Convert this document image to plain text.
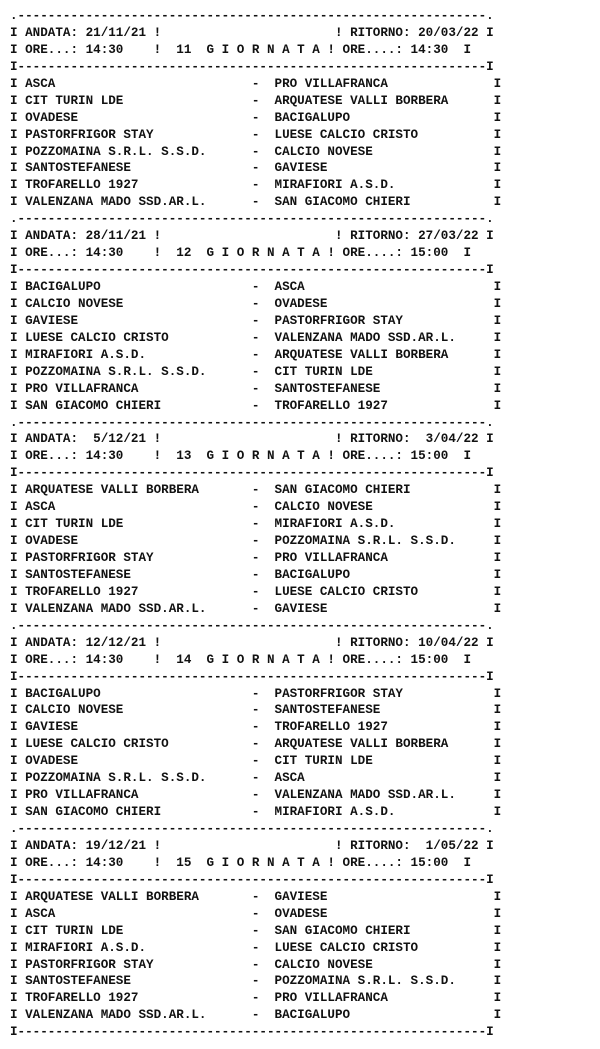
.--------------------------------------------------------------.
I ANDATA: 21/11/21 !                       ! RITORNO: 20/03/22 I
I ORE...: 14:30    !  11  G I O R N A T A ! ORE....: 14:30  I
I--------------------------------------------------------------I
I ASCA                          -  PRO VILLAFRANCA              I
I CIT TURIN LDE                 -  ARQUATESE VALLI BORBERA      I
I OVADESE                       -  BACIGALUPO                   I
I PASTORFRIGOR STAY             -  LUESE CALCIO CRISTO          I
I POZZOMAINA S.R.L. S.S.D.      -  CALCIO NOVESE                I
I SANTOSTEFANESE                -  GAVIESE                      I
I TROFARELLO 1927               -  MIRAFIORI A.S.D.             I
I VALENZANA MADO SSD.AR.L.      -  SAN GIACOMO CHIERI           I
.--------------------------------------------------------------.
I ANDATA: 28/11/21 !                       ! RITORNO: 27/03/22 I
I ORE...: 14:30    !  12  G I O R N A T A ! ORE....: 15:00  I
I--------------------------------------------------------------I
I BACIGALUPO                    -  ASCA                         I
I CALCIO NOVESE                 -  OVADESE                      I
I GAVIESE                       -  PASTORFRIGOR STAY            I
I LUESE CALCIO CRISTO           -  VALENZANA MADO SSD.AR.L.     I
I MIRAFIORI A.S.D.              -  ARQUATESE VALLI BORBERA      I
I POZZOMAINA S.R.L. S.S.D.      -  CIT TURIN LDE                I
I PRO VILLAFRANCA               -  SANTOSTEFANESE               I
I SAN GIACOMO CHIERI            -  TROFARELLO 1927              I
.--------------------------------------------------------------.
I ANDATA:  5/12/21 !                       ! RITORNO:  3/04/22 I
I ORE...: 14:30    !  13  G I O R N A T A ! ORE....: 15:00  I
I--------------------------------------------------------------I
I ARQUATESE VALLI BORBERA       -  SAN GIACOMO CHIERI           I
I ASCA                          -  CALCIO NOVESE                I
I CIT TURIN LDE                 -  MIRAFIORI A.S.D.             I
I OVADESE                       -  POZZOMAINA S.R.L. S.S.D.     I
I PASTORFRIGOR STAY             -  PRO VILLAFRANCA              I
I SANTOSTEFANESE                -  BACIGALUPO                   I
I TROFARELLO 1927               -  LUESE CALCIO CRISTO          I
I VALENZANA MADO SSD.AR.L.      -  GAVIESE                      I
.--------------------------------------------------------------.
I ANDATA: 12/12/21 !                       ! RITORNO: 10/04/22 I
I ORE...: 14:30    !  14  G I O R N A T A ! ORE....: 15:00  I
I--------------------------------------------------------------I
I BACIGALUPO                    -  PASTORFRIGOR STAY            I
I CALCIO NOVESE                 -  SANTOSTEFANESE               I
I GAVIESE                       -  TROFARELLO 1927              I
I LUESE CALCIO CRISTO           -  ARQUATESE VALLI BORBERA      I
I OVADESE                       -  CIT TURIN LDE                I
I POZZOMAINA S.R.L. S.S.D.      -  ASCA                         I
I PRO VILLAFRANCA               -  VALENZANA MADO SSD.AR.L.     I
I SAN GIACOMO CHIERI            -  MIRAFIORI A.S.D.             I
.--------------------------------------------------------------.
I ANDATA: 19/12/21 !                       ! RITORNO:  1/05/22 I
I ORE...: 14:30    !  15  G I O R N A T A ! ORE....: 15:00  I
I--------------------------------------------------------------I
I ARQUATESE VALLI BORBERA       -  GAVIESE                      I
I ASCA                          -  OVADESE                      I
I CIT TURIN LDE                 -  SAN GIACOMO CHIERI           I
I MIRAFIORI A.S.D.              -  LUESE CALCIO CRISTO          I
I PASTORFRIGOR STAY             -  CALCIO NOVESE                I
I SANTOSTEFANESE                -  POZZOMAINA S.R.L. S.S.D.     I
I TROFARELLO 1927               -  PRO VILLAFRANCA              I
I VALENZANA MADO SSD.AR.L.      -  BACIGALUPO                   I
I--------------------------------------------------------------I
